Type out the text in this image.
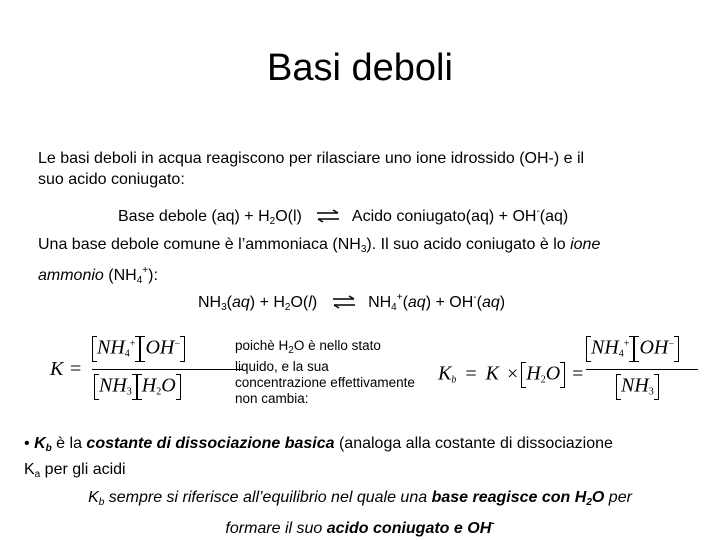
Basi deboli
Le basi deboli in acqua reagiscono per rilasciare uno ione idrossido (OH-) e il
suo acido coniugato:
Base debole $(aq) + H_2O(l)$ ⇌ Acido coniugato(aq) + OH-(aq)
Una base debole comune è l’ammoniaca $(NH_3)$. Il suo acido coniugato è lo ione
ammonio $(NH_4^+)$:
$NH_3(aq) + H_2O(l)$ ⇌ $NH_4^+(aq) + OH^-(aq)$
K =
$NH_4^+$ OH−
$NH_3$ $H_2O$
poichè $H_2O$ è nello stato
liquido, e la sua
concentrazione effettivamente
non cambia:
$K_b = K \times H_2O$ =
$NH_4^+$ OH−
$NH_3$
• $K_b$ è la costante di dissociazione basica (analoga alla costante di dissociazione
$K_a$ per gli acidi
$K_b$ sempre si riferisce all’equilibrio nel quale una base reagisce con $H_2O$ per
formare il suo acido coniugato e OH-
